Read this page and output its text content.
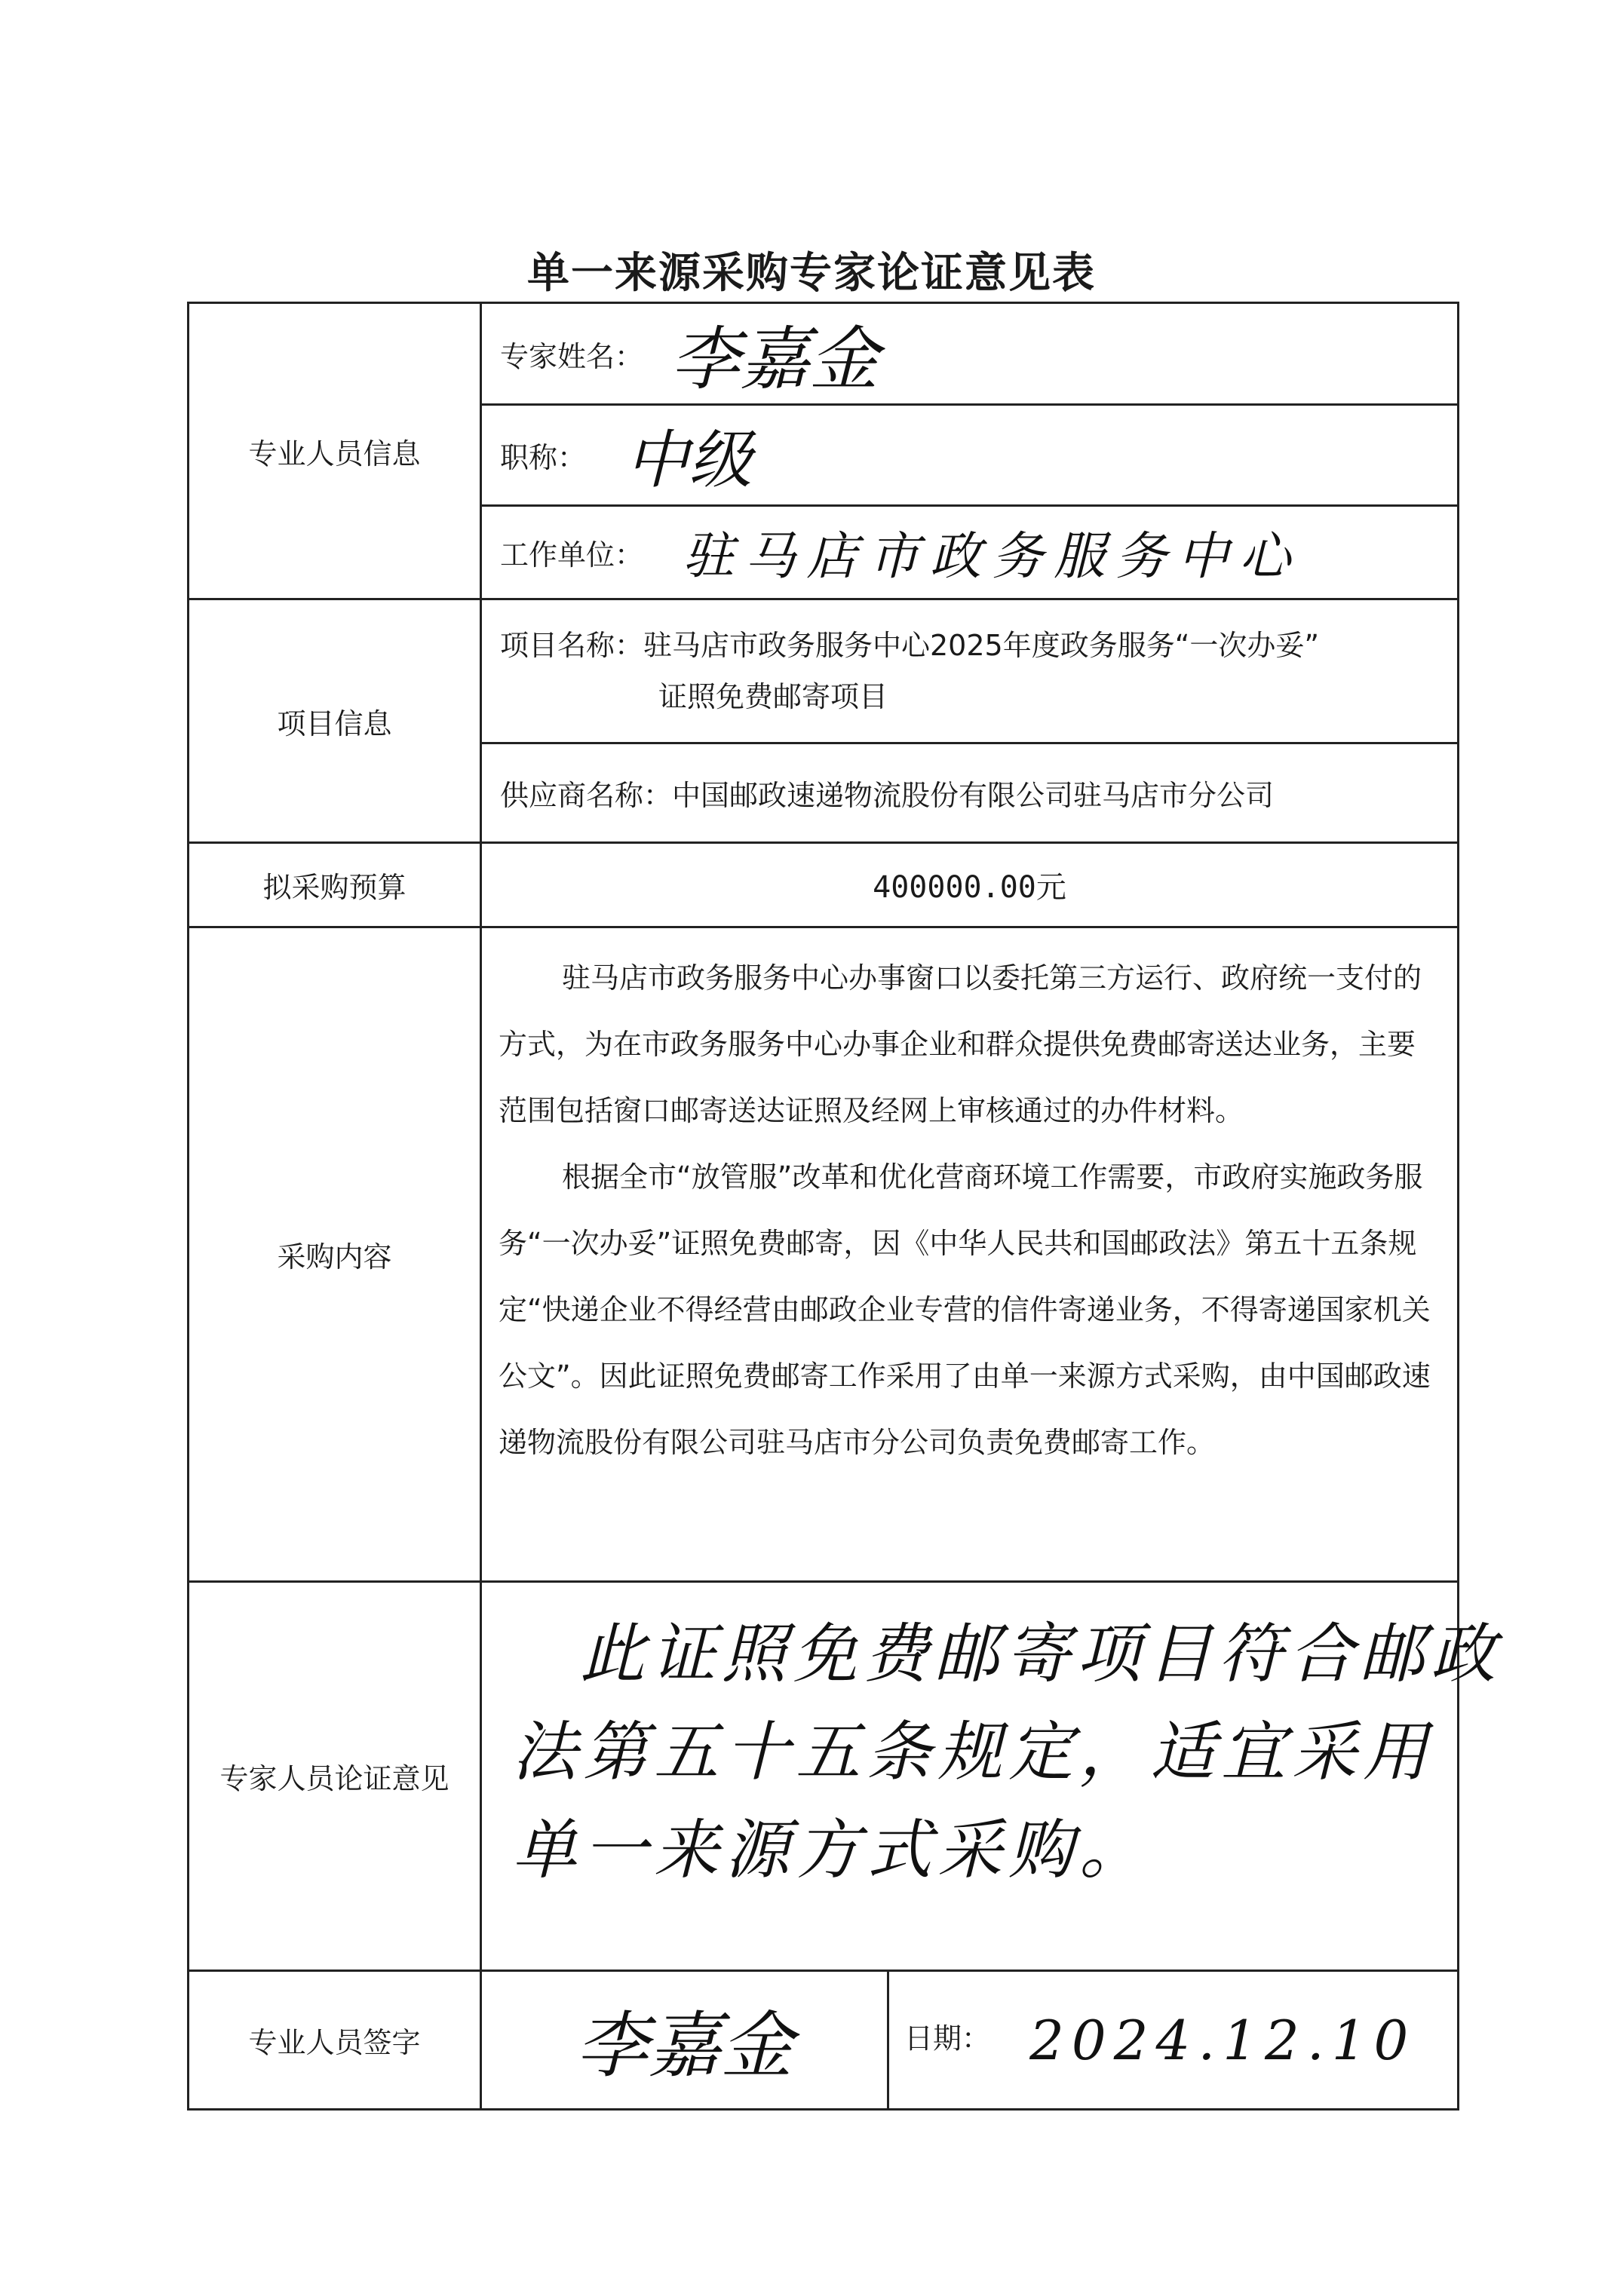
单一来源采购专家论证意见表
专业人员信息	专家姓名： 李嘉金	
	职称： 中级	
	工作单位： 驻马店市政务服务中心	
项目信息	项目名称：驻马店市政务服务中心2025年度政务服务“一次办妥”
证照免费邮寄项目	

	供应商名称：中国邮政速递物流股份有限公司驻马店市分公司	
拟采购预算	400000.00元	
采购内容	驻马店市政务服务中心办事窗口以委托第三方运行、政府统一支付的方式，为在市政务服务中心办事企业和群众提供免费邮寄送达业务，主要范围包括窗口邮寄送达证照及经网上审核通过的办件材料。

根据全市“放管服”改革和优化营商环境工作需要，市政府实施政务服务“一次办妥”证照免费邮寄，因《中华人民共和国邮政法》第五十五条规定“快递企业不得经营由邮政企业专营的信件寄递业务，不得寄递国家机关公文”。因此证照免费邮寄工作采用了由单一来源方式采购，由中国邮政速递物流股份有限公司驻马店市分公司负责免费邮寄工作。	

专家人员论证意见	此证照免费邮寄项目符合邮政
法第五十五条规定，适宜采用
单一来源方式采购。	

专业人员签字	李嘉金	日期： 2024.12.10
